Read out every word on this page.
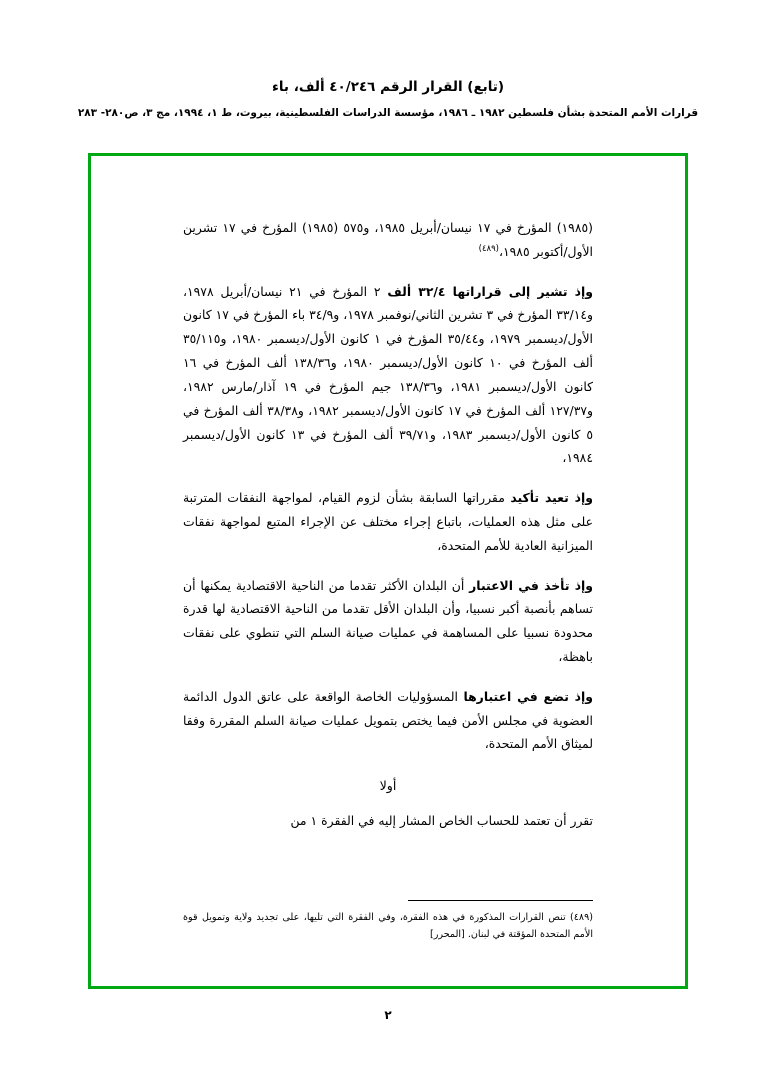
(تابع) القرار الرقم ٤٠/٢٤٦ ألف، باء
قرارات الأمم المتحدة بشأن فلسطين ١٩٨٢ ـ ١٩٨٦، مؤسسة الدراسات الفلسطينية، بيروت، ط ١، ١٩٩٤، مج ٣، ص٢٨٠- ٢٨٣

(١٩٨٥) المؤرخ في ١٧ نيسان/أبريل ١٩٨٥، و٥٧٥ (١٩٨٥) المؤرخ في ١٧ تشرين الأول/أكتوبر ١٩٨٥،$^{(٤٨٩)}$

وإذ تشير إلى قراراتها ٣٢/٤ ألف ٢ المؤرخ في ٢١ نيسان/أبريل ١٩٧٨، و٣٣/١٤ المؤرخ في ٣ تشرين الثاني/نوفمبر ١٩٧٨، و٣٤/٩ باء المؤرخ في ١٧ كانون الأول/ديسمبر ١٩٧٩، و٣٥/٤٤ المؤرخ في ١ كانون الأول/ديسمبر ١٩٨٠، و٣٥/١١٥ ألف المؤرخ في ١٠ كانون الأول/ديسمبر ١٩٨٠، و١٣٨/٣٦ ألف المؤرخ في ١٦ كانون الأول/ديسمبر ١٩٨١، و١٣٨/٣٦ جيم المؤرخ في ١٩ آذار/مارس ١٩٨٢، و١٢٧/٣٧ ألف المؤرخ في ١٧ كانون الأول/ديسمبر ١٩٨٢، و٣٨/٣٨ ألف المؤرخ في ٥ كانون الأول/ديسمبر ١٩٨٣، و٣٩/٧١ ألف المؤرخ في ١٣ كانون الأول/ديسمبر ١٩٨٤،

وإذ تعيد تأكيد مقرراتها السابقة بشأن لزوم القيام، لمواجهة النفقات المترتبة على مثل هذه العمليات، باتباع إجراء مختلف عن الإجراء المتبع لمواجهة نفقات الميزانية العادية للأمم المتحدة،

وإذ تأخذ في الاعتبار أن البلدان الأكثر تقدما من الناحية الاقتصادية يمكنها أن تساهم بأنصبة أكبر نسبيا، وأن البلدان الأقل تقدما من الناحية الاقتصادية لها قدرة محدودة نسبيا على المساهمة في عمليات صيانة السلم التي تنطوي على نفقات باهظة،

وإذ تضع في اعتبارها المسؤوليات الخاصة الواقعة على عاتق الدول الدائمة العضوية في مجلس الأمن فيما يختص بتمويل عمليات صيانة السلم المقررة وفقا لميثاق الأمم المتحدة،

أولا

تقرر أن تعتمد للحساب الخاص المشار إليه في الفقرة ١ من

(٤٨٩) تنص القرارات المذكورة في هذه الفقرة، وفي الفقرة التي تليها، على تجديد ولاية وتمويل قوة الأمم المتحدة المؤقتة في لبنان. [المحرر]
٢
